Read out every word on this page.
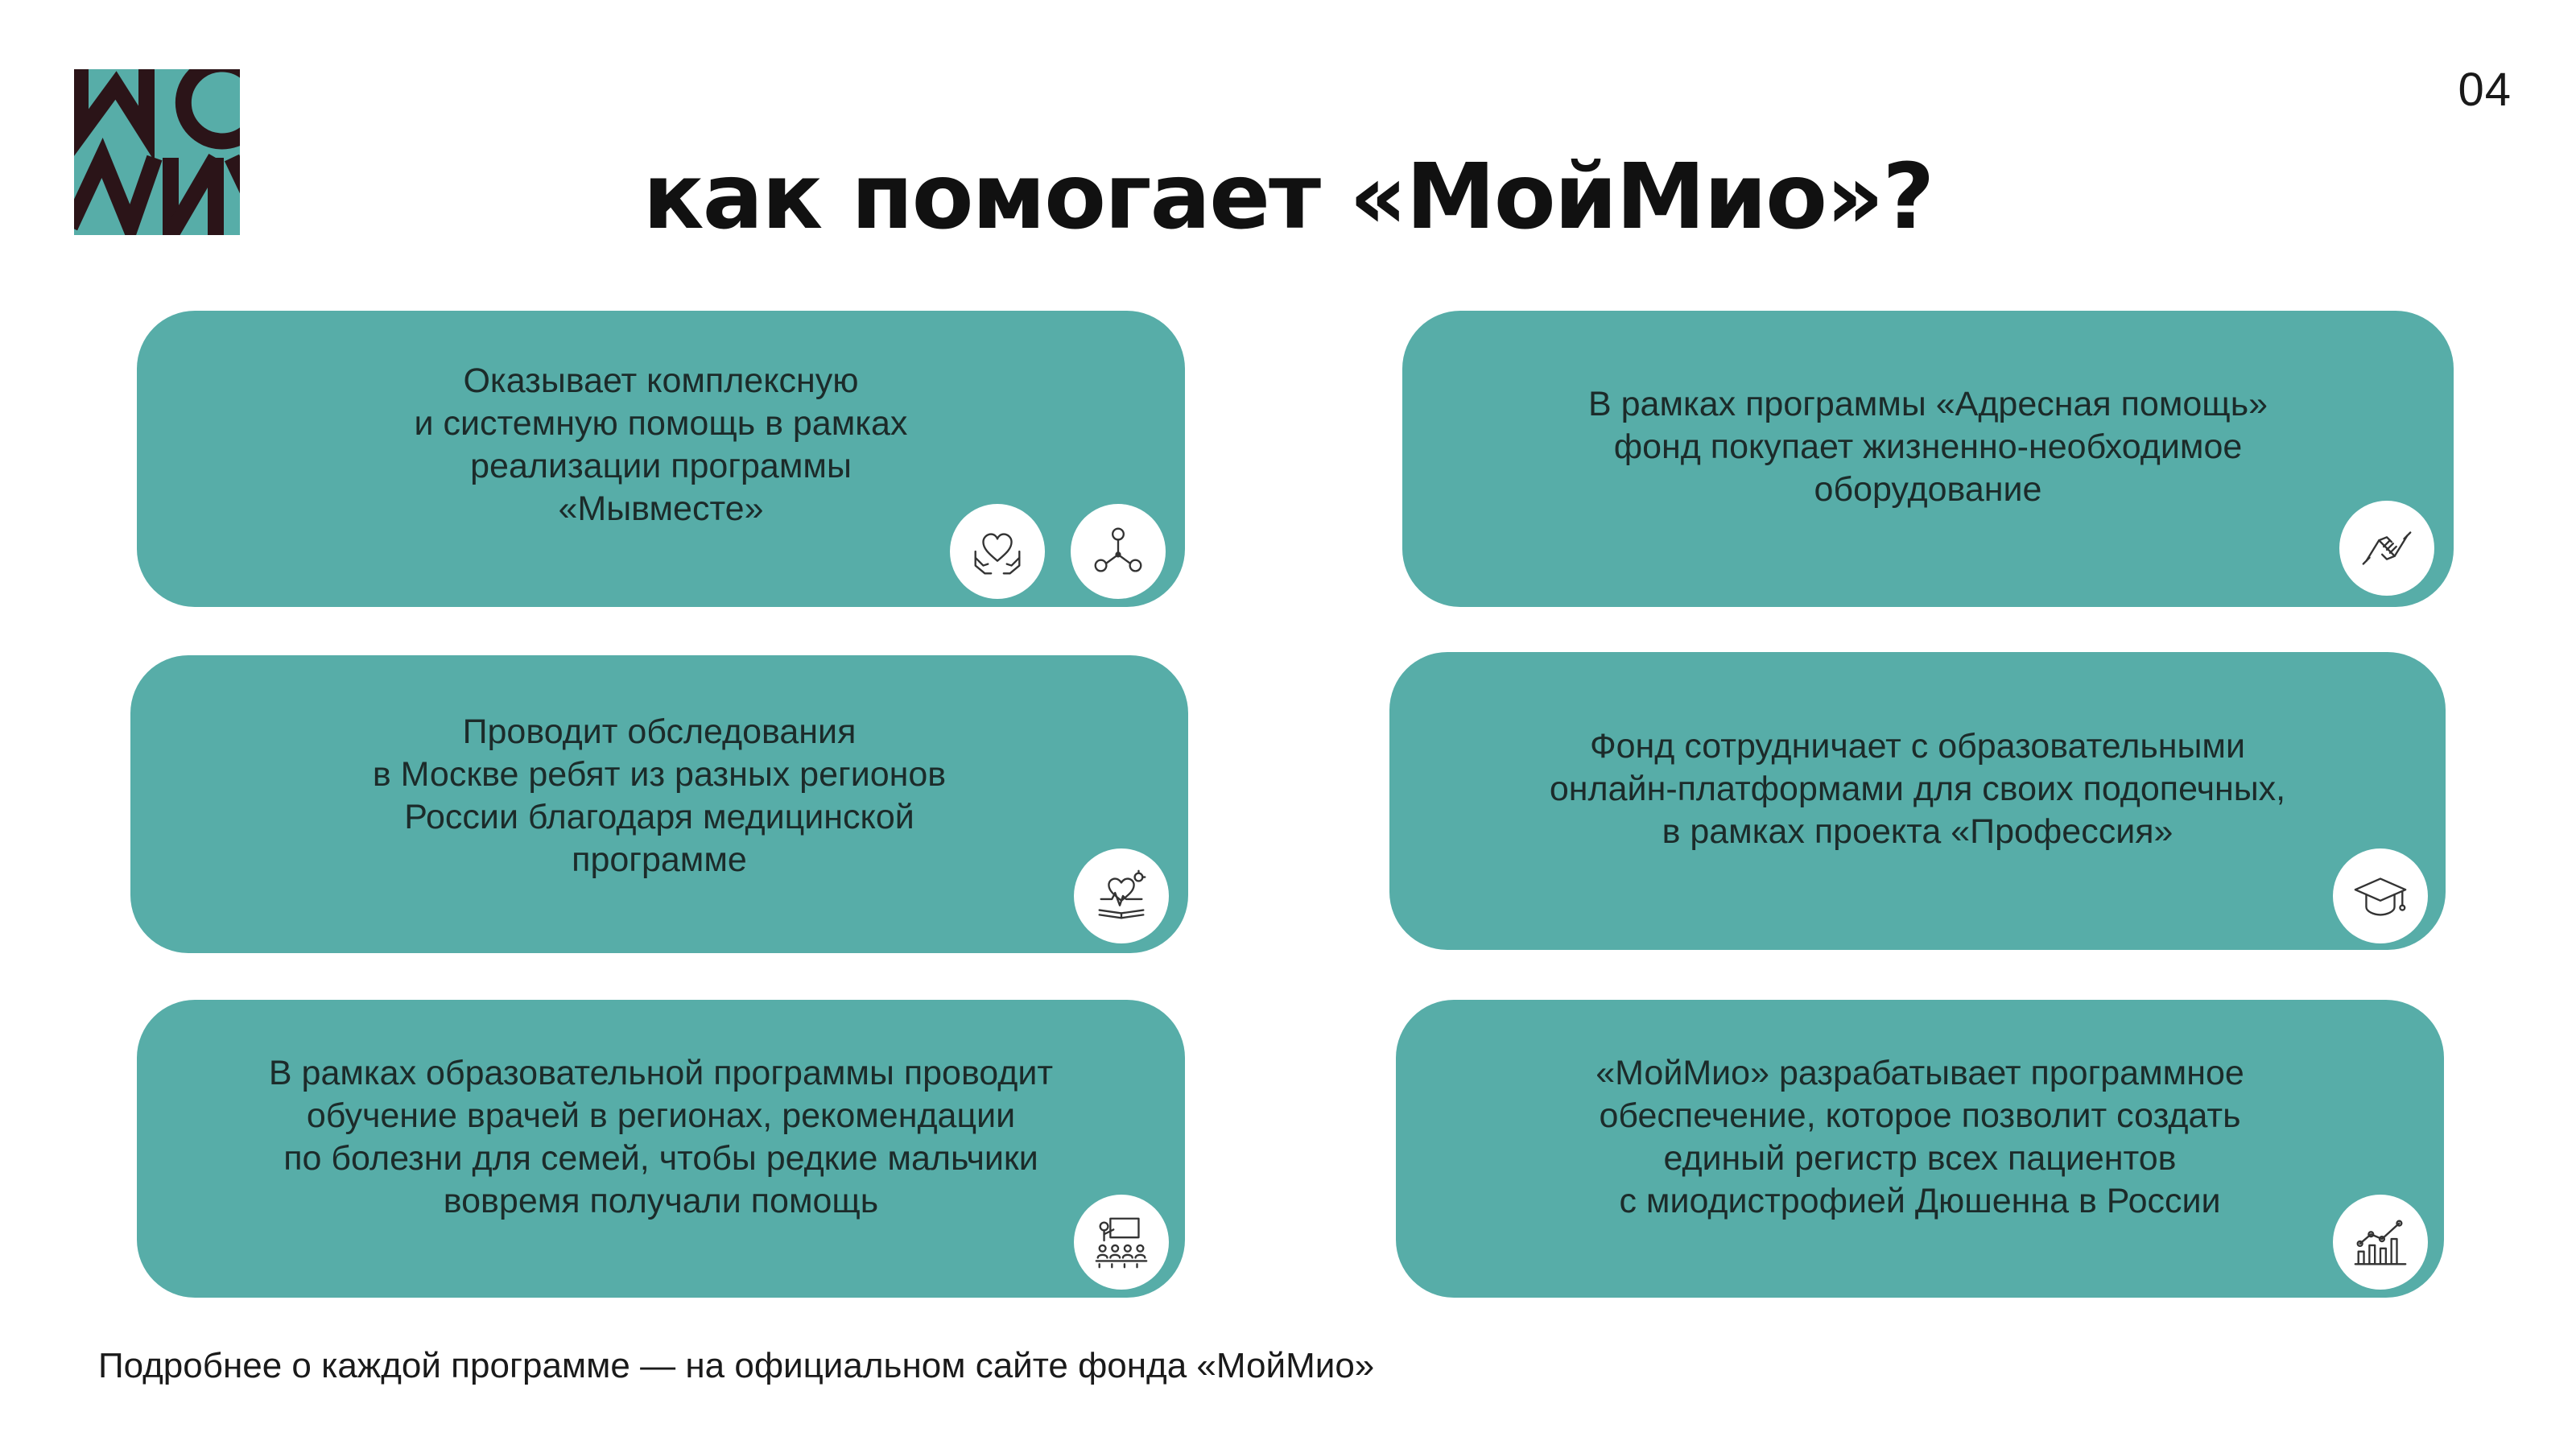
04
как помогает «МойМио»?
Оказывает комплексную
и системную помощь в рамках
реализации программы
«Мывместе»
В рамках программы «Адресная помощь»
фонд покупает жизненно-необходимое
оборудование
Проводит обследования
в Москве ребят из разных регионов
России благодаря медицинской
программе
Фонд сотрудничает с образовательными
онлайн-платформами для своих подопечных,
в рамках проекта «Профессия»
В рамках образовательной программы проводит
обучение врачей в регионах, рекомендации
по болезни для семей, чтобы редкие мальчики
вовремя получали помощь
«МойМио» разрабатывает программное
обеспечение, которое позволит создать
единый регистр всех пациентов
с миодистрофией Дюшенна в России
Подробнее о каждой программе — на официальном сайте фонда «МойМио»
